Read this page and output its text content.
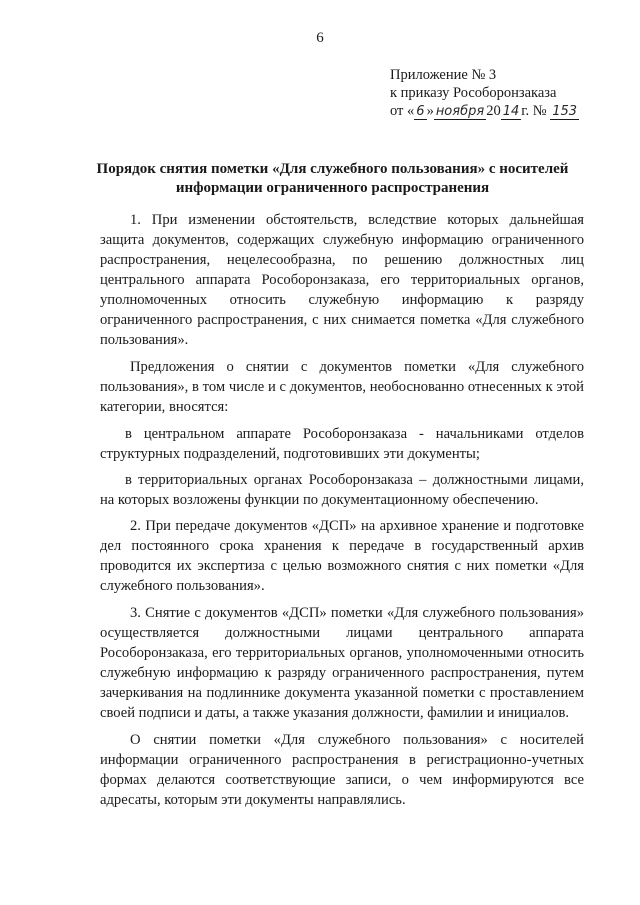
6
Приложение № 3
к приказу Рособоронзаказа
от « 6 » ноября 20 14 г. № 153
Порядок снятия пометки «Для служебного пользования» с носителей информации ограниченного распространения

1. При изменении обстоятельств, вследствие которых дальнейшая защита документов, содержащих служебную информацию ограниченного распространения, нецелесообразна, по решению должностных лиц центрального аппарата Рособоронзаказа, его территориальных органов, уполномоченных относить служебную информацию к разряду ограниченного распространения, с них снимается пометка «Для служебного пользования».

Предложения о снятии с документов пометки «Для служебного пользования», в том числе и с документов, необоснованно отнесенных к этой категории, вносятся:

в центральном аппарате Рособоронзаказа - начальниками отделов структурных подразделений, подготовивших эти документы;

в территориальных органах Рособоронзаказа – должностными лицами, на которых возложены функции по документационному обеспечению.

2. При передаче документов «ДСП» на архивное хранение и подготовке дел постоянного срока хранения к передаче в государственный архив проводится их экспертиза с целью возможного снятия с них пометки «Для служебного пользования».

3. Снятие с документов «ДСП» пометки «Для служебного пользования» осуществляется должностными лицами центрального аппарата Рособоронзаказа, его территориальных органов, уполномоченными относить служебную информацию к разряду ограниченного распространения, путем зачеркивания на подлиннике документа указанной пометки с проставлением своей подписи и даты, а также указания должности, фамилии и инициалов.

О снятии пометки «Для служебного пользования» с носителей информации ограниченного распространения в регистрационно-учетных формах делаются соответствующие записи, о чем информируются все адресаты, которым эти документы направлялись.
